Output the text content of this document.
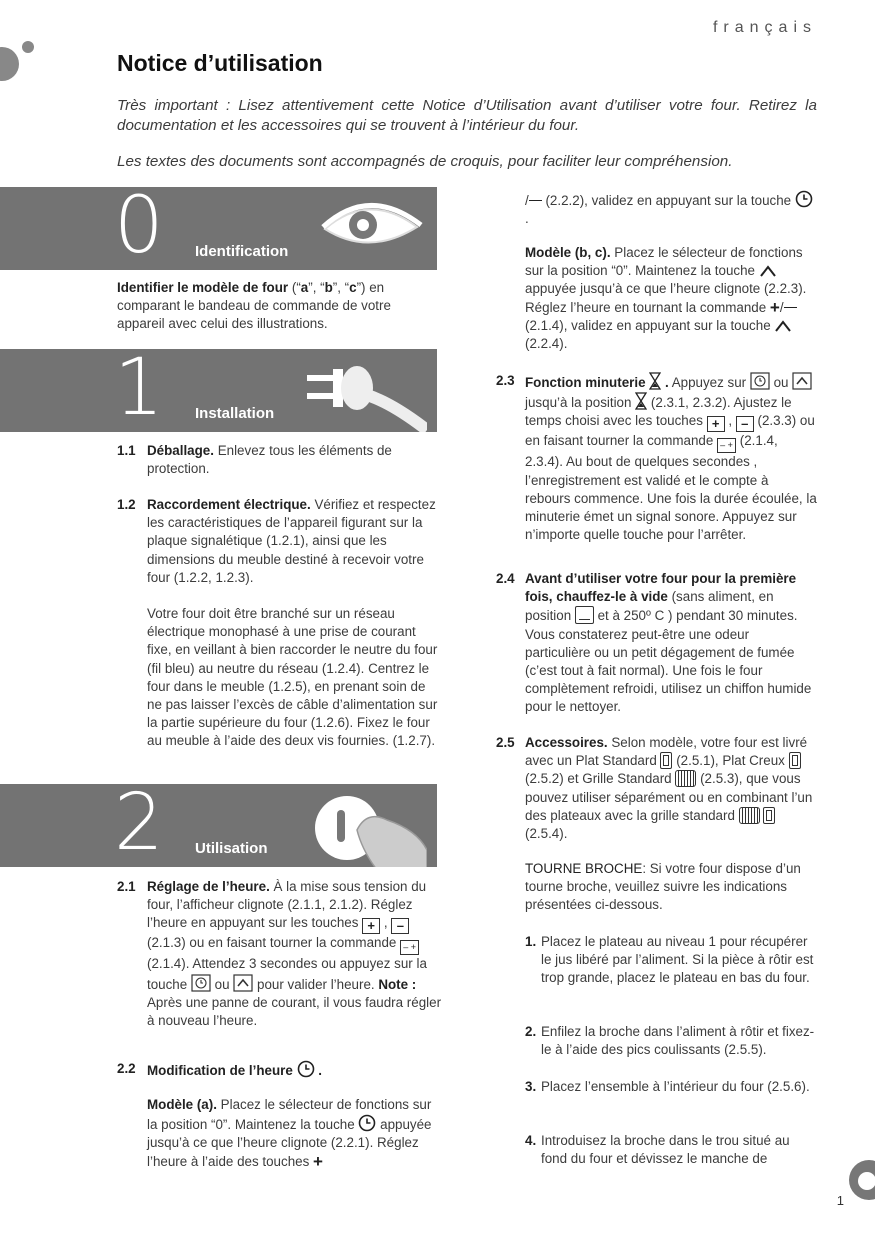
français
1
Notice d’utilisation
Très important : Lisez attentivement cette Notice d’Utilisation avant d’utiliser votre four. Retirez la documentation et les accessoires qui se trouvent à l’intérieur du four.
Les textes des documents sont accompagnés de croquis, pour faciliter leur compréhension.
0 Identification
Identifier le modèle de four (“a”, “b”, “c”) en comparant le bandeau de commande de votre appareil avec celui des illustrations.
1 Installation
1.1 Déballage. Enlevez tous les éléments de protection.
1.2 Raccordement électrique. Vérifiez et respectez les caractéristiques de l’appareil figurant sur la plaque signalétique (1.2.1), ainsi que les dimensions du meuble destiné à recevoir votre four (1.2.2, 1.2.3).
Votre four doit être branché sur un réseau électrique monophasé à une prise de courant fixe, en veillant à bien raccorder le neutre du four (fil bleu) au neutre du réseau (1.2.4). Centrez le four dans le meuble (1.2.5), en prenant soin de ne pas laisser l’excès de câble d’alimentation sur la partie supérieure du four (1.2.6). Fixez le four au meuble à l’aide des deux vis fournies. (1.2.7).
2 Utilisation
2.1 Réglage de l’heure. À la mise sous tension du four, l’afficheur clignote (2.1.1, 2.1.2). Réglez l’heure en appuyant sur les touches + , – (2.1.3) ou en faisant tourner la commande – + (2.1.4). Attendez 3 secondes ou appuyez sur la touche  ou  pour valider l’heure. Note : Après une panne de courant, il vous faudra régler à nouveau l’heure.
2.2 Modification de l’heure  .
Modèle (a). Placez le sélecteur de fonctions sur la position “0”. Maintenez la touche  appuyée jusqu’à ce que l’heure clignote (2.2.1). Réglez l’heure à l’aide des touches +
/ (2.2.2), validez en appuyant sur la touche  .
Modèle (b, c). Placez le sélecteur de fonctions sur la position “0”. Maintenez la touche  appuyée jusqu’à ce que l’heure clignote (2.2.3). Réglez l’heure en tournant la commande +/ (2.1.4), validez en appuyant sur la touche  (2.2.4).
2.3 Fonction minuterie  . Appuyez sur  ou  jusqu’à la position  (2.3.1, 2.3.2). Ajustez le temps choisi avec les touches + , – (2.3.3) ou en faisant tourner la commande – + (2.1.4, 2.3.4). Au bout de quelques secondes , l’enregistrement est validé et le compte à rebours commence. Une fois la durée écoulée, la minuterie émet un signal sonore. Appuyez sur n’importe quelle touche pour l’arrêter.
2.4 Avant d’utiliser votre four pour la première fois, chauffez-le à vide (sans aliment, en position  et à 250º C ) pendant 30 minutes. Vous constaterez peut-être une odeur particulière ou un petit dégagement de fumée (c’est tout à fait normal). Une fois le four complètement refroidi, utilisez un chiffon humide pour le nettoyer.
2.5 Accessoires. Selon modèle, votre four est livré avec un Plat Standard  (2.5.1), Plat Creux  (2.5.2) et Grille Standard  (2.5.3), que vous pouvez utiliser séparément ou en combinant l’un des plateaux avec la grille standard   (2.5.4).
TOURNE BROCHE: Si votre four dispose d’un tourne broche, veuillez suivre les indications présentées ci-dessous.
1. Placez le plateau au niveau 1 pour récupérer le jus libéré par l’aliment. Si la pièce à rôtir est trop grande, placez le plateau en bas du four.
2. Enfilez la broche dans l’aliment à rôtir et fixez-le à l’aide des pics coulissants (2.5.5).
3. Placez l’ensemble à l’intérieur du four (2.5.6).
4. Introduisez la broche dans le trou situé au fond du four et dévissez le manche de
